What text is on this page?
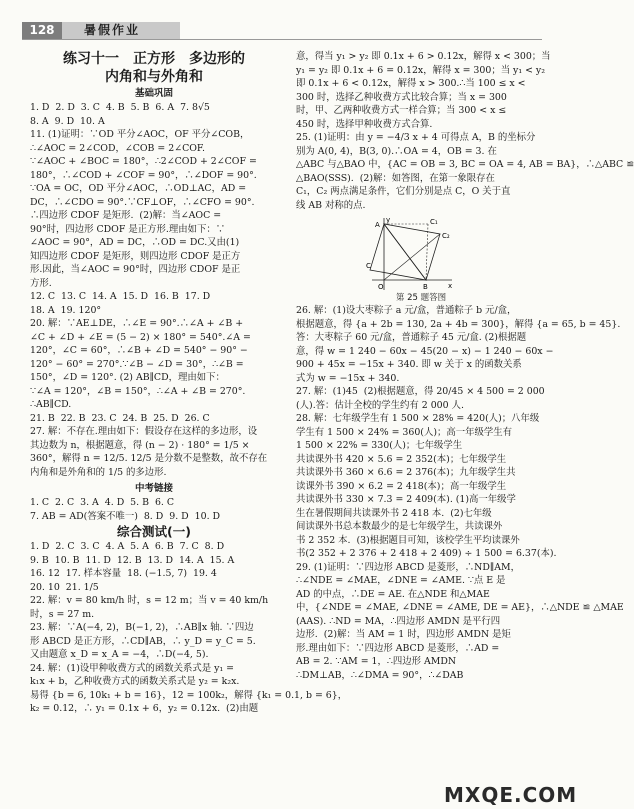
128	暑假作业
练习十一　正方形　多边形的
内角和与外角和
基础巩固
1. D  2. D  3. C  4. B  5. B  6. A  7. 8√5
8. A  9. D  10. A
11. (1)证明：∵OD 平分∠AOC，OF 平分∠COB，
∴∠AOC = 2∠COD，∠COB = 2∠COF.
∵∠AOC + ∠BOC = 180°，∴2∠COD + 2∠COF =
180°，∴∠COD + ∠COF = 90°，∴∠DOF = 90°.
∵OA = OC，OD 平分∠AOC，∴OD⊥AC，AD =
DC，∴∠CDO = 90°.∵CF⊥OF，∴∠CFO = 90°.
∴四边形 CDOF 是矩形.  (2)解：当∠AOC =
90°时，四边形 CDOF 是正方形.理由如下：∵
∠AOC = 90°，AD = DC，∴OD = DC.又由(1)
知四边形 CDOF 是矩形，则四边形 CDOF 是正方
形.因此，当∠AOC = 90°时，四边形 CDOF 是正
方形.
12. C  13. C  14. A  15. D  16. B  17. D
18. A  19. 120°
20. 解：∵AE⊥DE，∴∠E = 90°.∴∠A + ∠B +
∠C + ∠D + ∠E = (5 − 2) × 180° = 540°.∠A =
120°，∠C = 60°，∴∠B + ∠D = 540° − 90° −
120° − 60° = 270°.∵∠B − ∠D = 30°，∴∠B =
150°，∠D = 120°. (2) AB∥CD，理由如下：
∵∠A = 120°，∠B = 150°，∴∠A + ∠B = 270°.
∴AB∥CD.
21. B  22. B  23. C  24. B  25. D  26. C
27. 解：不存在.理由如下：假设存在这样的多边形，设
其边数为 n，根据题意，得 (n − 2) · 180° = 1/5 ×
360°，解得 n = 12/5. 12/5 是分数不是整数，故不存在
内角和是外角和的 1/5 的多边形.
中考链接
1. C  2. C  3. A  4. D  5. B  6. C
7. AB = AD(答案不唯一)  8. D  9. D  10. D
综合测试(一)
1. D  2. C  3. C  4. A  5. A  6. B  7. C  8. D
9. B  10. B  11. D  12. B  13. D  14. A  15. A
16. 12  17. 样本容量  18. (−1.5, 7)  19. 4
20. 10  21. 1/5
22. 解：v = 80 km/h 时，s = 12 m；当 v = 40 km/h
时，s = 27 m.
23. 解：∵A(−4, 2)，B(−1, 2)，∴AB∥x 轴. ∵四边
形 ABCD 是正方形，∴CD∥AB，∴ y_D = y_C = 5.
又由题意 x_D = x_A = −4，∴D(−4, 5).
24. 解：(1)设甲种收费方式的函数关系式是 y₁ =
k₁x + b，乙种收费方式的函数关系式是 y₂ = k₂x.
易得 {b = 6, 10k₁ + b = 16}，12 = 100k₂，解得 {k₁ = 0.1, b = 6}，
k₂ = 0.12，∴ y₁ = 0.1x + 6，y₂ = 0.12x.  (2)由题
意，得当 y₁ > y₂ 即 0.1x + 6 > 0.12x，解得 x < 300；当
y₁ = y₂ 即 0.1x + 6 = 0.12x，解得 x = 300；当 y₁ < y₂
即 0.1x + 6 < 0.12x，解得 x > 300.∴当 100 ≤ x <
300 时，选择乙种收费方式比较合算；当 x = 300
时，甲、乙两种收费方式一样合算；当 300 < x ≤
450 时，选择甲种收费方式合算.
25. (1)证明：由 y = −4/3 x + 4 可得点 A，B 的坐标分
别为 A(0, 4)，B(3, 0).∴OA = 4，OB = 3. 在
△ABC 与△BAO 中，{AC = OB = 3, BC = OA = 4, AB = BA}，∴△ABC ≌
△BAO(SSS).  (2)解：如答图，在第一象限存在
C₁，C₂ 两点满足条件，它们分别是点 C，O 关于直
线 AB 对称的点.
y
x
A
O	B
C
C₁
C₂
第 25 题答图
26. 解：(1)设大枣粽子 a 元/盒，普通粽子 b 元/盒，
根据题意，得 {a + 2b = 130, 2a + 4b = 300}，解得 {a = 65, b = 45}.
答：大枣粽子 60 元/盒，普通粽子 45 元/盒. (2)根据题
意，得 w = 1 240 − 60x − 45(20 − x) − 1 240 − 60x −
900 + 45x = −15x + 340. 即 w 关于 x 的函数关系
式为 w = −15x + 340.
27. 解：(1)45  (2)根据题意，得 20/45 × 4 500 = 2 000
(人).答：估计全校的学生约有 2 000 人.
28. 解：七年级学生有 1 500 × 28% = 420(人)；八年级
学生有 1 500 × 24% = 360(人)；高一年级学生有
1 500 × 22% = 330(人)；七年级学生
共读课外书 420 × 5.6 = 2 352(本)；七年级学生
共读课外书 360 × 6.6 = 2 376(本)；九年级学生共
读课外书 390 × 6.2 = 2 418(本)；高一年级学生
共读课外书 330 × 7.3 = 2 409(本). (1)高一年级学
生在暑假期间共读课外书 2 418 本.  (2)七年级
间读课外书总本数最少的是七年级学生，共读课外
书 2 352 本.  (3)根据题目可知，该校学生平均读课外
书(2 352 + 2 376 + 2 418 + 2 409) ÷ 1 500 = 6.37(本).
29. (1)证明：∵四边形 ABCD 是菱形，∴ND∥AM，
∴∠NDE = ∠MAE，∠DNE = ∠AME. ∵点 E 是
AD 的中点，∴DE = AE. 在△NDE 和△MAE
中，{∠NDE = ∠MAE, ∠DNE = ∠AME, DE = AE}，∴△NDE ≌ △MAE
(AAS). ∴ND = MA，∴四边形 AMDN 是平行四
边形.  (2)解：当 AM = 1 时，四边形 AMDN 是矩
形.理由如下：∵四边形 ABCD 是菱形，∴AD =
AB = 2. ∵AM = 1，∴四边形 AMDN
∴DM⊥AB，∴∠DMA = 90°，∴∠DAB
MXQE.COM
